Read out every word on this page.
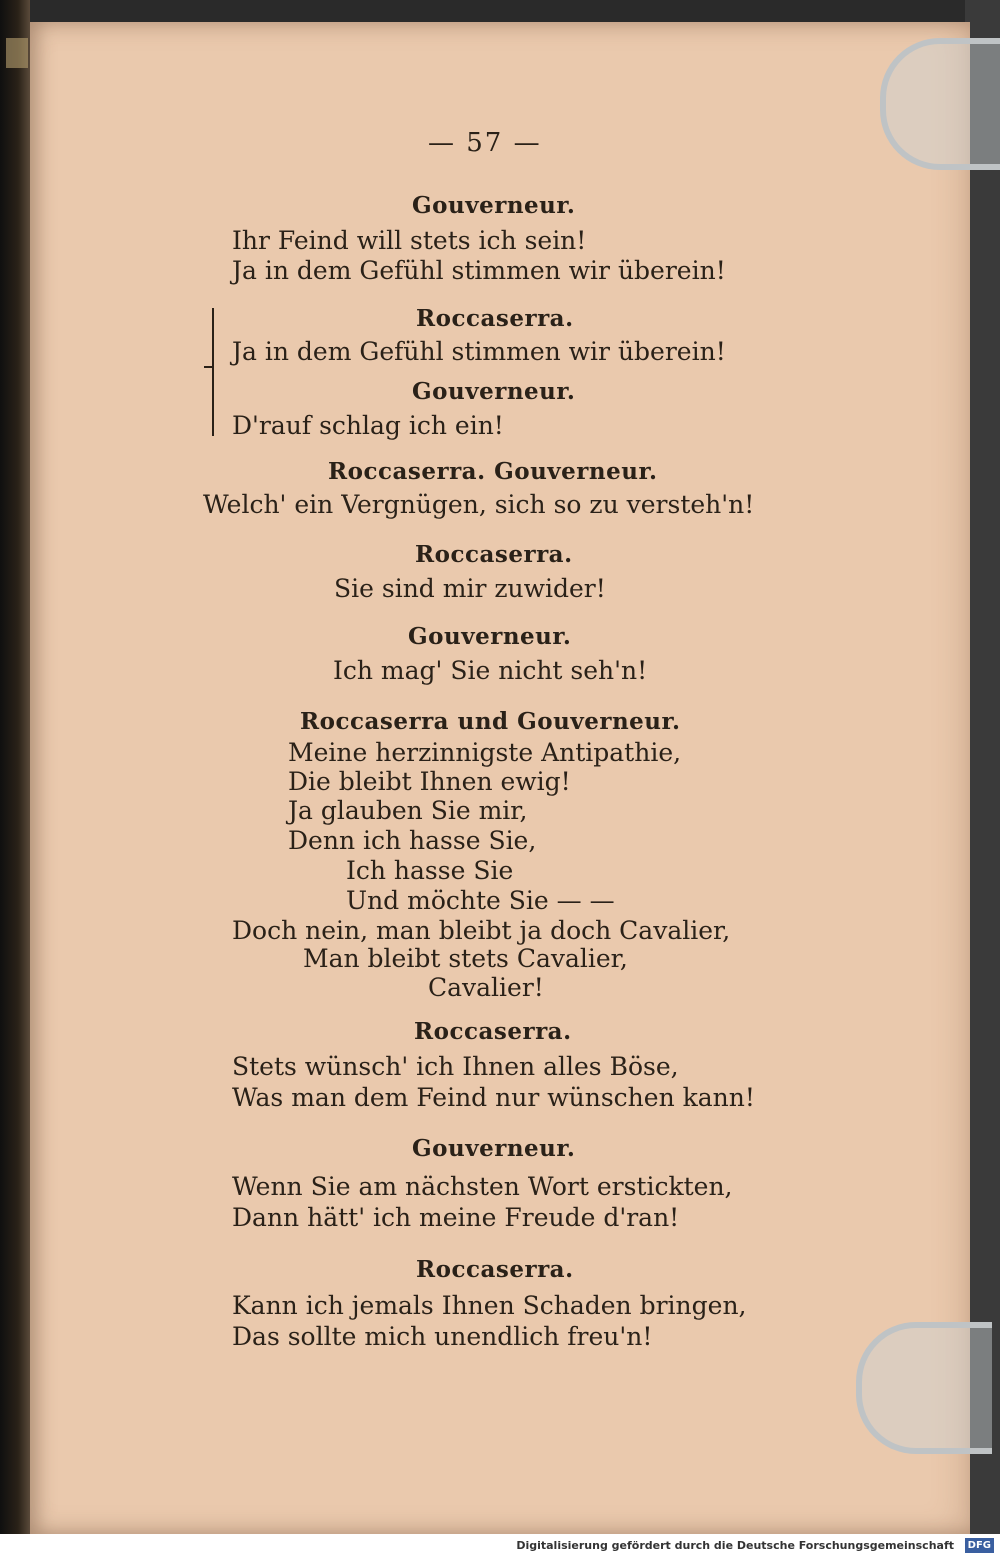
— 57 —
Gouverneur.
Ihr Feind will stets ich sein!
Ja in dem Gefühl stimmen wir überein!
Roccaserra.
Ja in dem Gefühl stimmen wir überein!
Gouverneur.
D'rauf schlag ich ein!
Roccaserra. Gouverneur.
Welch' ein Vergnügen, sich so zu versteh'n!
Roccaserra.
Sie sind mir zuwider!
Gouverneur.
Ich mag' Sie nicht seh'n!
Roccaserra und Gouverneur.
Meine herzinnigste Antipathie,
Die bleibt Ihnen ewig!
Ja glauben Sie mir,
Denn ich hasse Sie,
Ich hasse Sie
Und möchte Sie — —
Doch nein, man bleibt ja doch Cavalier,
Man bleibt stets Cavalier,
Cavalier!
Roccaserra.
Stets wünsch' ich Ihnen alles Böse,
Was man dem Feind nur wünschen kann!
Gouverneur.
Wenn Sie am nächsten Wort erstickten,
Dann hätt' ich meine Freude d'ran!
Roccaserra.
Kann ich jemals Ihnen Schaden bringen,
Das sollte mich unendlich freu'n!
Digitalisierung gefördert durch die Deutsche Forschungsgemeinschaft	DFG
